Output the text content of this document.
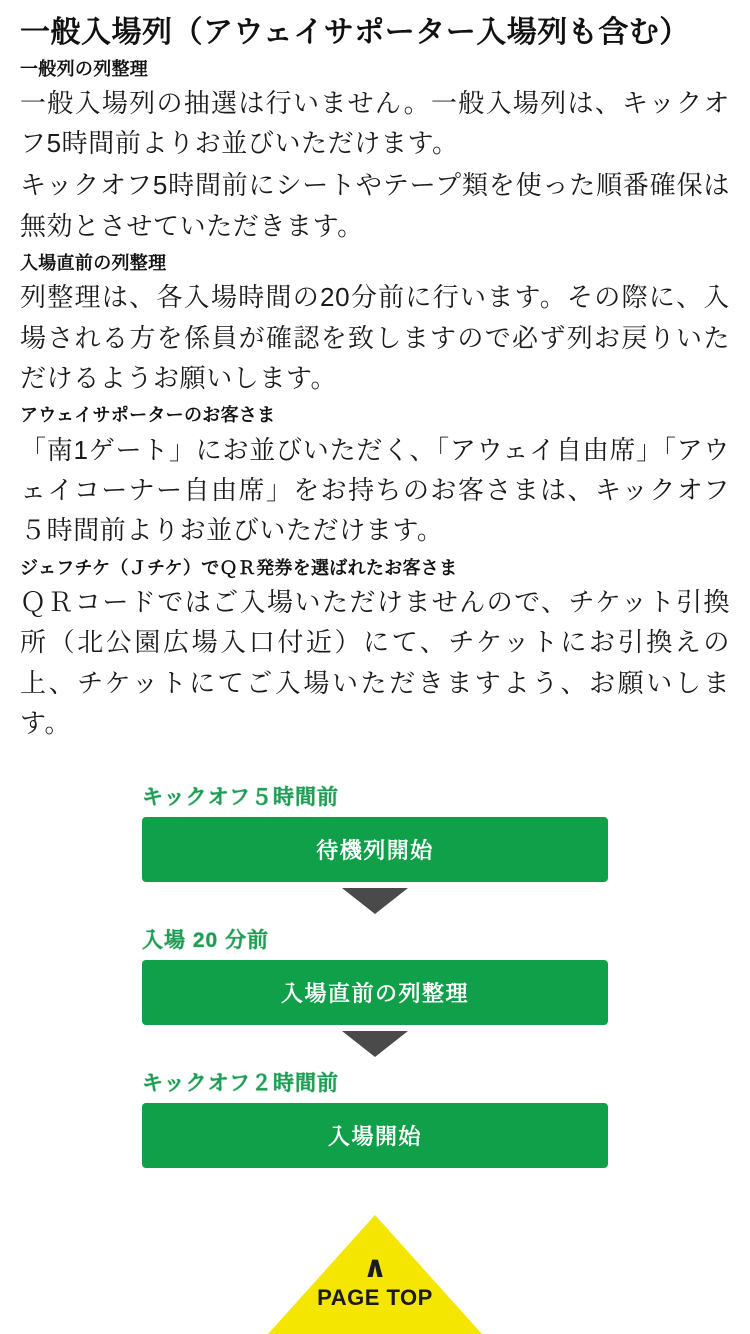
一般入場列（アウェイサポーター入場列も含む）
一般列の列整理

一般入場列の抽選は行いません。一般入場列は、キックオフ5時間前よりお並びいただけます。

キックオフ5時間前にシートやテープ類を使った順番確保は無効とさせていただきます。

入場直前の列整理

列整理は、各入場時間の20分前に行います。その際に、入場される方を係員が確認を致しますので必ず列お戻りいただけるようお願いします。

アウェイサポーターのお客さま

「南1ゲート」にお並びいただく、「アウェイ自由席」「アウェイコーナー自由席」をお持ちのお客さまは、キックオフ５時間前よりお並びいただけます。

ジェフチケ（Ｊチケ）でＱＲ発券を選ばれたお客さま

ＱＲコードではご入場いただけませんので、チケット引換所（北公園広場入口付近）にて、チケットにお引換えの上、チケットにてご入場いただきますよう、お願いします。

キックオフ５時間前
待機列開始
入場 20 分前
入場直前の列整理
キックオフ２時間前
入場開始
∧
PAGE TOP
